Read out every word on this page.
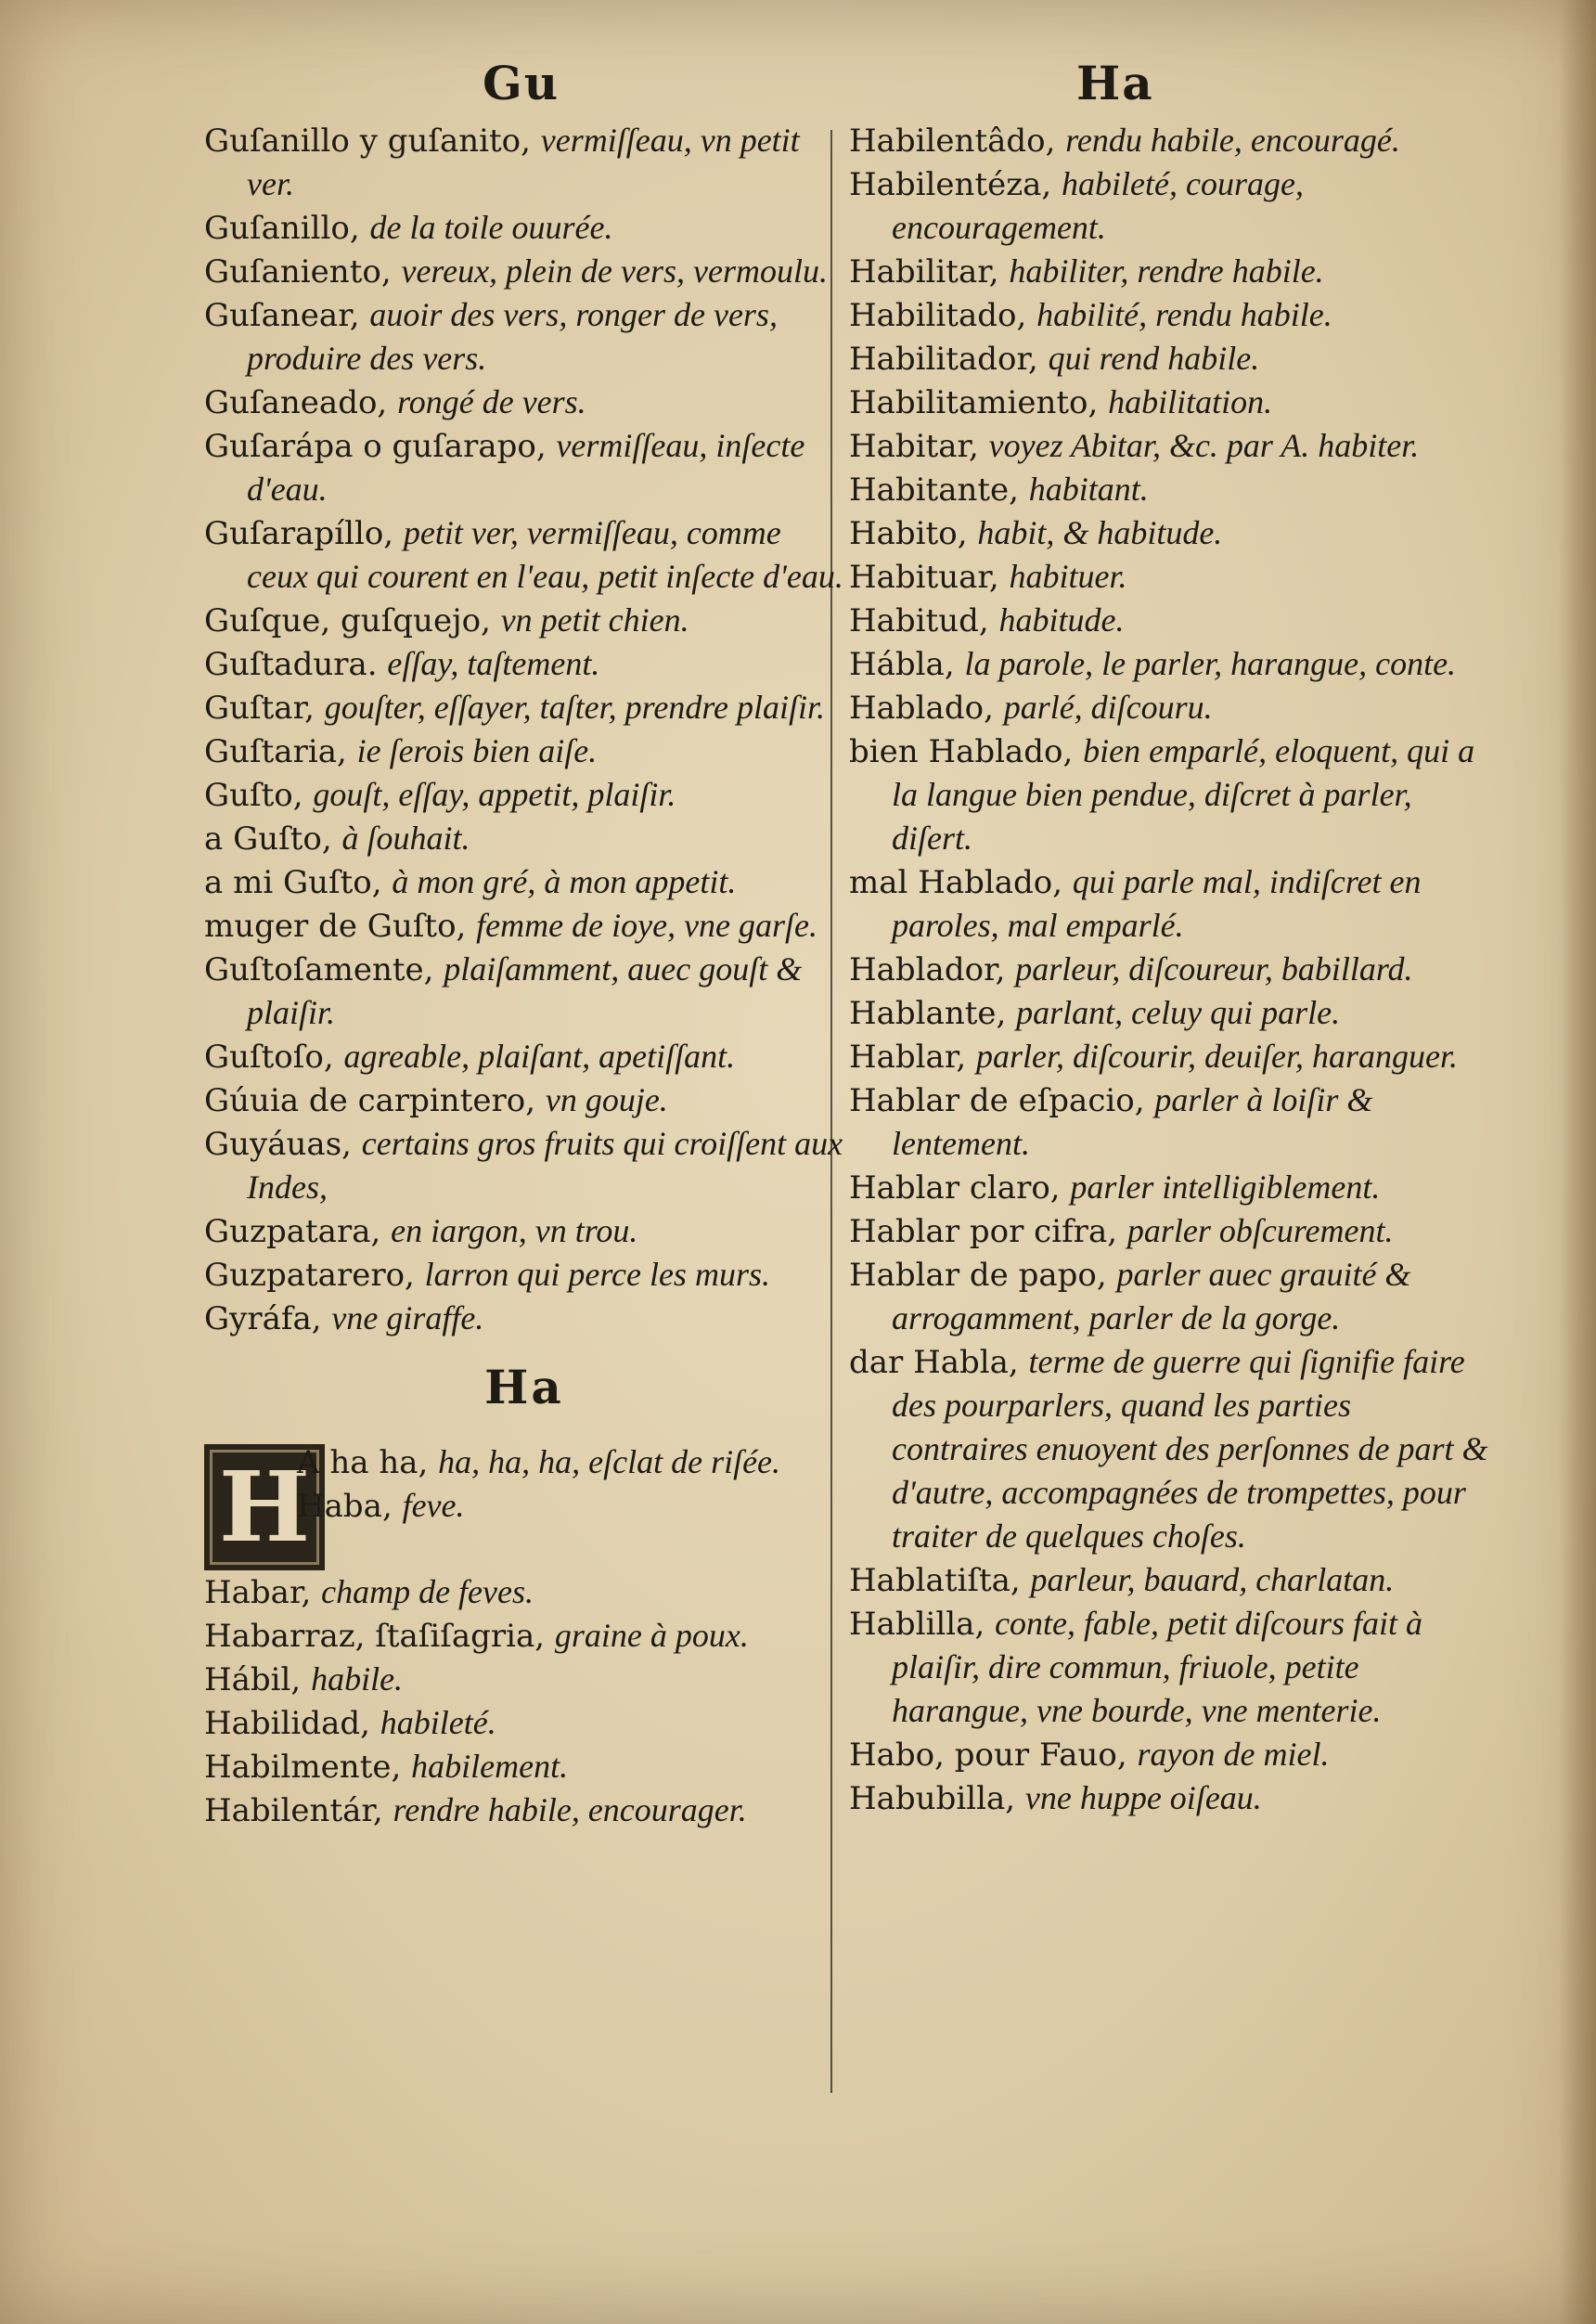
Gu	Ha

Guſanillo y guſanito, vermiſſeau, vn petit ver.

Guſanillo, de la toile ouurée.

Guſaniento, vereux, plein de vers, vermoulu.

Guſanear, auoir des vers, ronger de vers, produire des vers.

Guſaneado, rongé de vers.

Guſarápa o guſarapo, vermiſſeau, inſecte d'eau.

Guſarapíllo, petit ver, vermiſſeau, comme ceux qui courent en l'eau, petit inſecte d'eau.

Guſque, guſquejo, vn petit chien.

Guſtadura. eſſay, taſtement.

Guſtar, gouſter, eſſayer, taſter, prendre plaiſir.

Guſtaria, ie ſerois bien aiſe.

Guſto, gouſt, eſſay, appetit, plaiſir.

a Guſto, à ſouhait.

a mi Guſto, à mon gré, à mon appetit.

muger de Guſto, femme de ioye, vne garſe.

Guſtoſamente, plaiſamment, auec gouſt & plaiſir.

Guſtoſo, agreable, plaiſant, apetiſſant.

Gúuia de carpintero, vn gouje.

Guyáuas, certains gros fruits qui croiſſent aux Indes,

Guzpatara, en iargon, vn trou.

Guzpatarero, larron qui perce les murs.

Gyráfa, vne giraffe.

Ha
H

A ha ha, ha, ha, ha, eſclat de riſée.

Haba, feve.

Habar, champ de feves.

Habarraz, ſtaſiſagria, graine à poux.

Hábil, habile.

Habilidad, habileté.

Habilmente, habilement.

Habilentár, rendre habile, encourager.

Habilentâdo, rendu habile, encouragé.

Habilentéza, habileté, courage, encouragement.

Habilitar, habiliter, rendre habile.

Habilitado, habilité, rendu habile.

Habilitador, qui rend habile.

Habilitamiento, habilitation.

Habitar, voyez Abitar, &c. par A. habiter.

Habitante, habitant.

Habito, habit, & habitude.

Habituar, habituer.

Habitud, habitude.

Hábla, la parole, le parler, harangue, conte.

Hablado, parlé, diſcouru.

bien Hablado, bien emparlé, eloquent, qui a la langue bien pendue, diſcret à parler, diſert.

mal Hablado, qui parle mal, indiſcret en paroles, mal emparlé.

Hablador, parleur, diſcoureur, babillard.

Hablante, parlant, celuy qui parle.

Hablar, parler, diſcourir, deuiſer, haranguer.

Hablar de eſpacio, parler à loiſir & lentement.

Hablar claro, parler intelligiblement.

Hablar por cifra, parler obſcurement.

Hablar de papo, parler auec grauité & arrogamment, parler de la gorge.

dar Habla, terme de guerre qui ſignifie faire des pourparlers, quand les parties contraires enuoyent des perſonnes de part & d'autre, accompagnées de trompettes, pour traiter de quelques choſes.

Hablatiſta, parleur, bauard, charlatan.

Hablilla, conte, fable, petit diſcours fait à plaiſir, dire commun, friuole, petite harangue, vne bourde, vne menterie.

Habo, pour Fauo, rayon de miel.

Habubilla, vne huppe oiſeau.
